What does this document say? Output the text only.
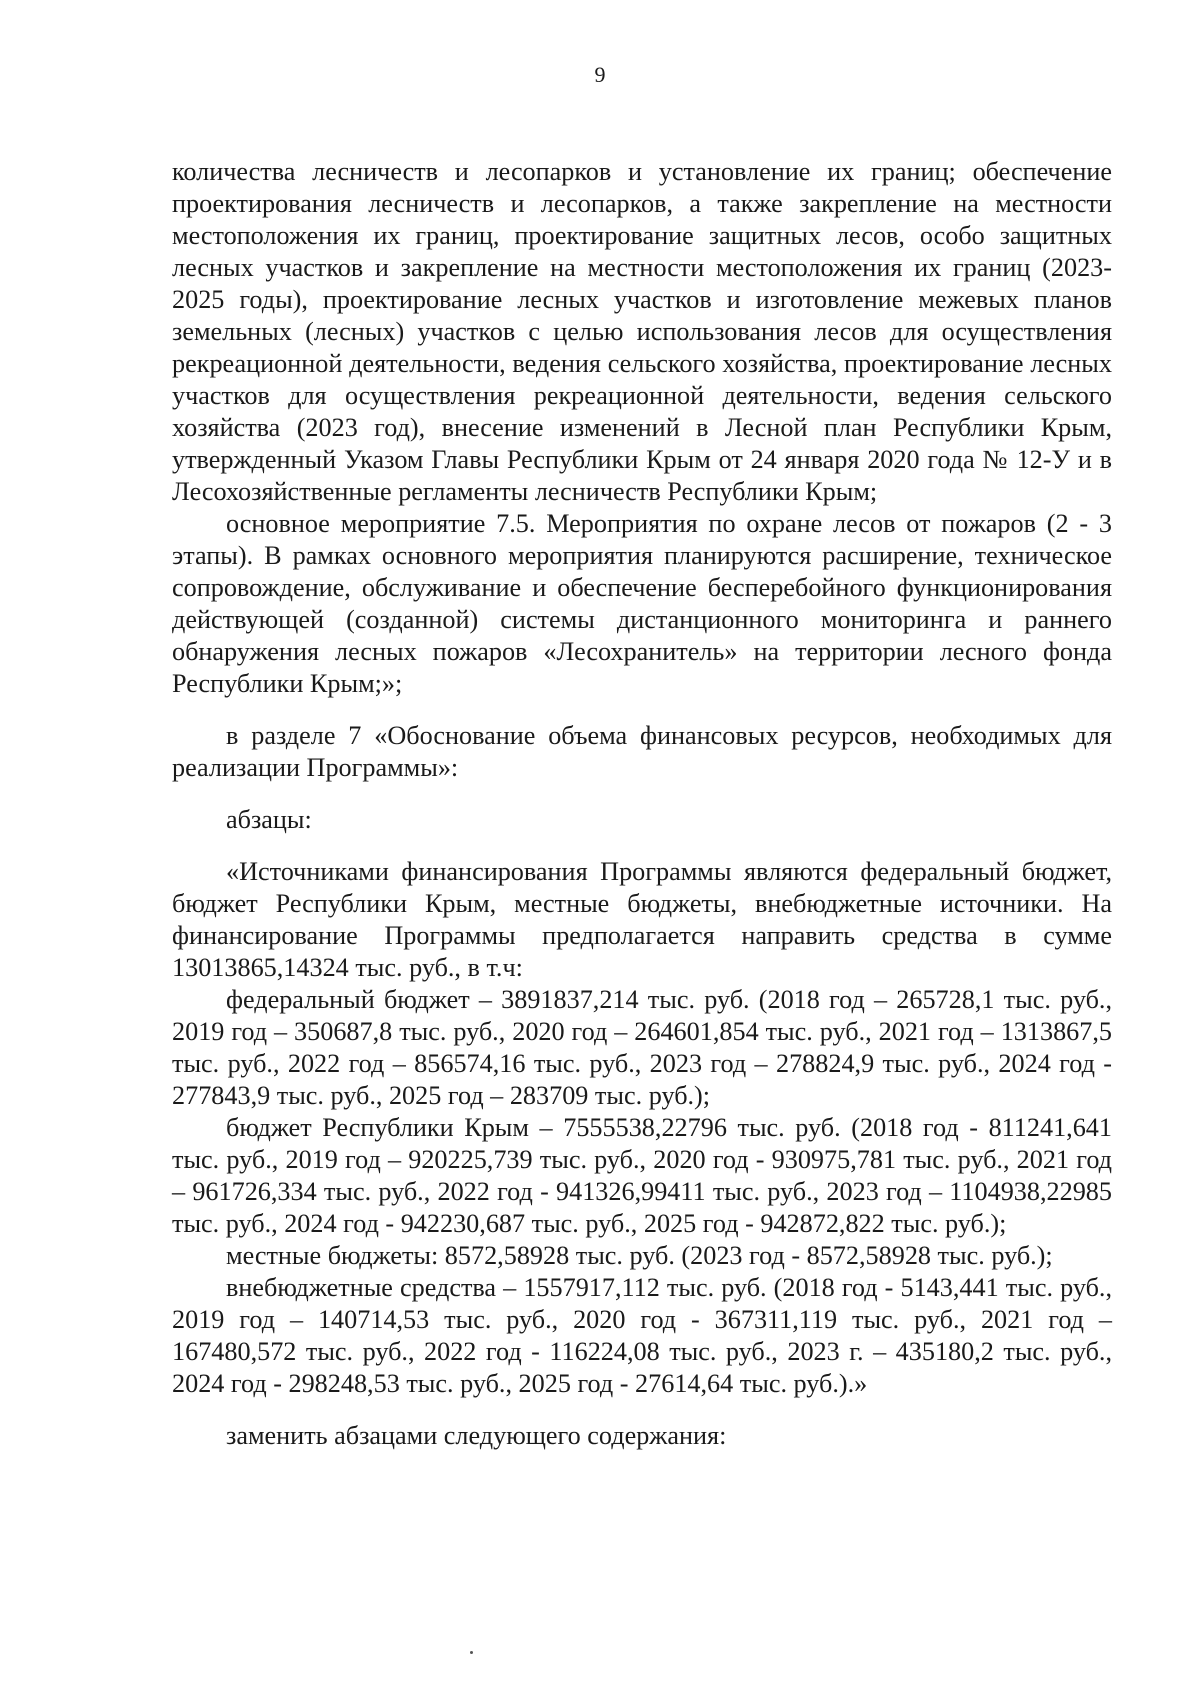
9

количества лесничеств и лесопарков и установление их границ; обеспечение проектирования лесничеств и лесопарков, а также закрепление на местности местоположения их границ, проектирование защитных лесов, особо защитных лесных участков и закрепление на местности местоположения их границ (2023-2025 годы), проектирование лесных участков и изготовление межевых планов земельных (лесных) участков с целью использования лесов для осуществления рекреационной деятельности, ведения сельского хозяйства, проектирование лесных участков для осуществления рекреационной деятельности, ведения сельского хозяйства (2023 год), внесение изменений в Лесной план Республики Крым, утвержденный Указом Главы Республики Крым от 24 января 2020 года № 12-У и в Лесохозяйственные регламенты лесничеств Республики Крым;

основное мероприятие 7.5. Мероприятия по охране лесов от пожаров (2 - 3 этапы). В рамках основного мероприятия планируются расширение, техническое сопровождение, обслуживание и обеспечение бесперебойного функционирования действующей (созданной) системы дистанционного мониторинга и раннего обнаружения лесных пожаров «Лесохранитель» на территории лесного фонда Республики Крым;»;

в разделе 7 «Обоснование объема финансовых ресурсов, необходимых для реализации Программы»:

абзацы:

«Источниками финансирования Программы являются федеральный бюджет, бюджет Республики Крым, местные бюджеты, внебюджетные источники. На финансирование Программы предполагается направить средства в сумме 13013865,14324 тыс. руб., в т.ч:

федеральный бюджет – 3891837,214 тыс. руб. (2018 год – 265728,1 тыс. руб., 2019 год – 350687,8 тыс. руб., 2020 год – 264601,854 тыс. руб., 2021 год – 1313867,5 тыс. руб., 2022 год – 856574,16 тыс. руб., 2023 год – 278824,9 тыс. руб., 2024 год - 277843,9 тыс. руб., 2025 год – 283709 тыс. руб.);

бюджет Республики Крым – 7555538,22796 тыс. руб. (2018 год - 811241,641 тыс. руб., 2019 год – 920225,739 тыс. руб., 2020 год - 930975,781 тыс. руб., 2021 год – 961726,334 тыс. руб., 2022 год - 941326,99411 тыс. руб., 2023 год – 1104938,22985 тыс. руб., 2024 год - 942230,687 тыс. руб., 2025 год - 942872,822 тыс. руб.);

местные бюджеты: 8572,58928 тыс. руб. (2023 год - 8572,58928 тыс. руб.);

внебюджетные средства – 1557917,112 тыс. руб. (2018 год - 5143,441 тыс. руб., 2019 год – 140714,53 тыс. руб., 2020 год - 367311,119 тыс. руб., 2021 год – 167480,572 тыс. руб., 2022 год - 116224,08 тыс. руб., 2023 г. – 435180,2 тыс. руб., 2024 год - 298248,53 тыс. руб., 2025 год - 27614,64 тыс. руб.).»

заменить абзацами следующего содержания:
